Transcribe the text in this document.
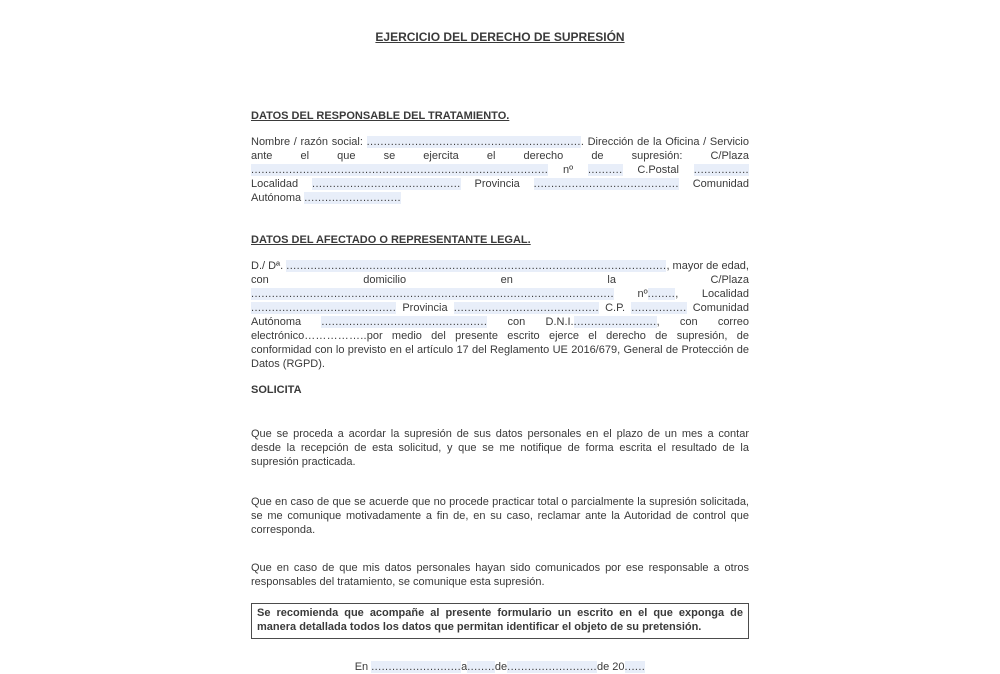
EJERCICIO DEL DERECHO DE SUPRESIÓN
DATOS DEL RESPONSABLE DEL TRATAMIENTO.

Nombre / razón social: ............................................................... Dirección de la Oficina / Servicio ante el que se ejercita el derecho de supresión: C/Plaza ...................................................................................... nº .......... C.Postal ................ Localidad ........................................... Provincia .......................................... Comunidad Autónoma ............................

DATOS DEL AFECTADO O REPRESENTANTE LEGAL.

D./ Dª. .............................................................................................................., mayor de edad, con domicilio en la C/Plaza ......................................................................................................... nº........, Localidad .......................................... Provincia .......................................... C.P. ................ Comunidad Autónoma ................................................ con D.N.I........................., con correo electrónico……………..por medio del presente escrito ejerce el derecho de supresión, de conformidad con lo previsto en el artículo 17 del Reglamento UE 2016/679, General de Protección de Datos (RGPD).

SOLICITA

Que se proceda a acordar la supresión de sus datos personales en el plazo de un mes a contar desde la recepción de esta solicitud, y que se me notifique de forma escrita el resultado de la supresión practicada.

Que en caso de que se acuerde que no procede practicar total o parcialmente la supresión solicitada, se me comunique motivadamente a fin de, en su caso, reclamar ante la Autoridad de control que corresponda.

Que en caso de que mis datos personales hayan sido comunicados por ese responsable a otros responsables del tratamiento, se comunique esta supresión.

Se recomienda que acompañe al presente formulario un escrito en el que exponga de manera detallada todos los datos que permitan identificar el objeto de su pretensión.

En ..........................a........de..........................de 20......
